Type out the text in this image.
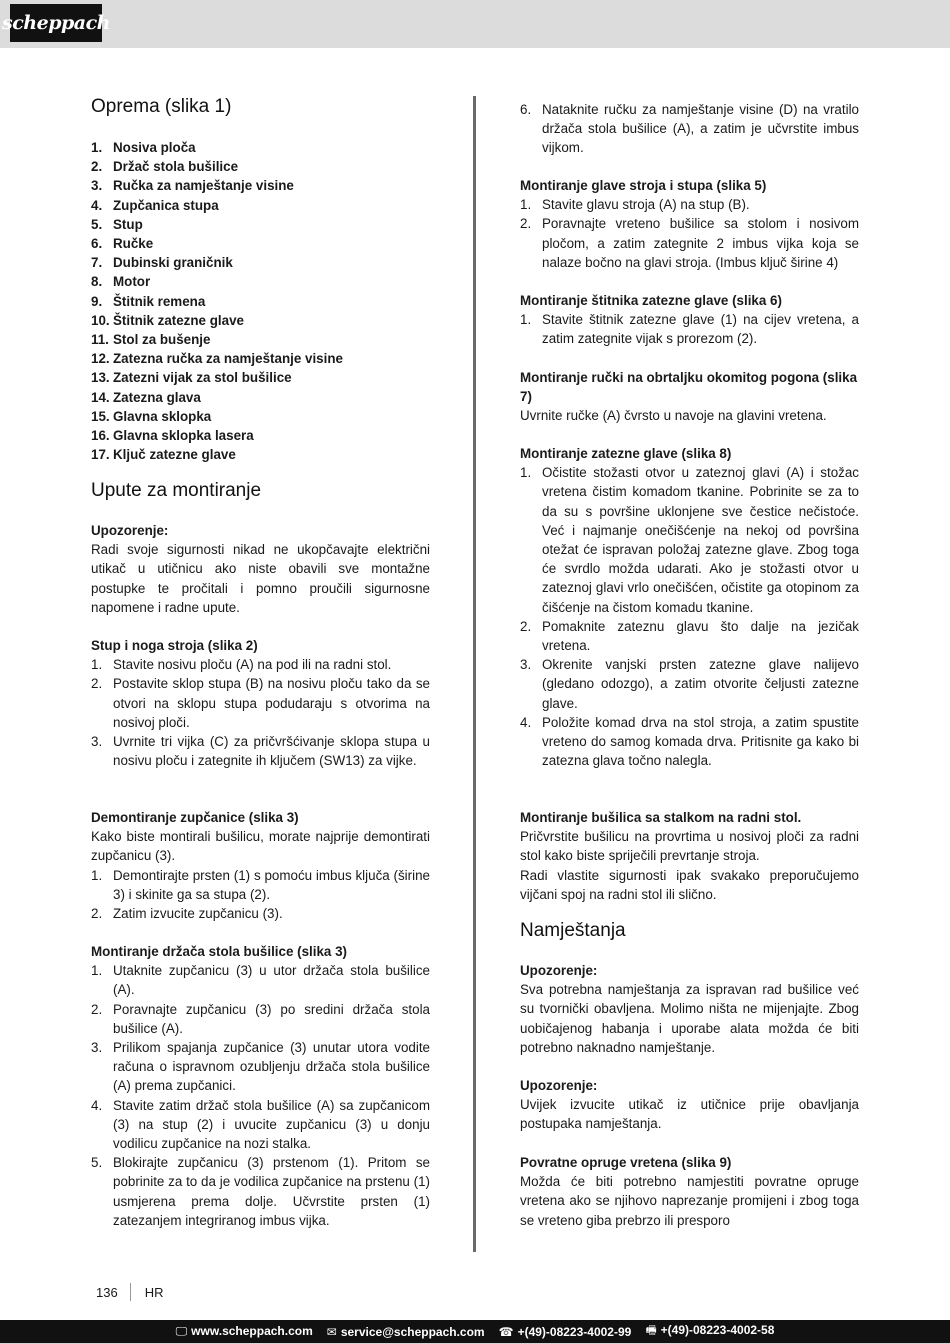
scheppach
Oprema (slika 1)
1. Nosiva ploča
2. Držač stola bušilice
3. Ručka za namještanje visine
4. Zupčanica stupa
5. Stup
6. Ručke
7. Dubinski graničnik
8. Motor
9. Štitnik remena
10. Štitnik zatezne glave
11. Stol za bušenje
12. Zatezna ručka za namještanje visine
13. Zatezni vijak za stol bušilice
14. Zatezna glava
15. Glavna sklopka
16. Glavna sklopka lasera
17. Ključ zatezne glave
Upute za montiranje
Upozorenje:
Radi svoje sigurnosti nikad ne ukopčavajte električni utikač u utičnicu ako niste obavili sve montažne postupke te pročitali i pomno proučili sigurnosne napomene i radne upute.
Stup i noga stroja (slika 2)
1. Stavite nosivu ploču (A) na pod ili na radni stol.
2. Postavite sklop stupa (B) na nosivu ploču tako da se otvori na sklopu stupa podudaraju s otvorima na nosivoj ploči.
3. Uvrnite tri vijka (C) za pričvršćivanje sklopa stupa u nosivu ploču i zategnite ih ključem (SW13) za vijke.
Demontiranje zupčanice (slika 3)
Kako biste montirali bušilicu, morate najprije demontirati zupčanicu (3).
1. Demontirajte prsten (1) s pomoću imbus ključa (širine 3) i skinite ga sa stupa (2).
2. Zatim izvucite zupčanicu (3).
Montiranje držača stola bušilice (slika 3)
1. Utaknite zupčanicu (3) u utor držača stola bušilice (A).
2. Poravnajte zupčanicu (3) po sredini držača stola bušilice (A).
3. Prilikom spajanja zupčanice (3) unutar utora vodite računa o ispravnom ozubljenju držača stola bušilice (A) prema zupčanici.
4. Stavite zatim držač stola bušilice (A) sa zupčanicom (3) na stup (2) i uvucite zupčanicu (3) u donju vodilicu zupčanice na nozi stalka.
5. Blokirajte zupčanicu (3) prstenom (1). Pritom se pobrinite za to da je vodilica zupčanice na prstenu (1) usmjerena prema dolje. Učvrstite prsten (1) zatezanjem integriranog imbus vijka.
6. Nataknite ručku za namještanje visine (D) na vratilo držača stola bušilice (A), a zatim je učvrstite imbus vijkom.
Montiranje glave stroja i stupa (slika 5)
1. Stavite glavu stroja (A) na stup (B).
2. Poravnajte vreteno bušilice sa stolom i nosivom pločom, a zatim zategnite 2 imbus vijka koja se nalaze bočno na glavi stroja. (Imbus ključ širine 4)
Montiranje štitnika zatezne glave (slika 6)
1. Stavite štitnik zatezne glave (1) na cijev vretena, a zatim zategnite vijak s prorezom (2).
Montiranje ručki na obrtaljku okomitog pogona (slika 7)
Uvrnite ručke (A) čvrsto u navoje na glavini vretena.
Montiranje zatezne glave (slika 8)
1. Očistite stožasti otvor u zateznoj glavi (A) i stožac vretena čistim komadom tkanine. Pobrinite se za to da su s površine uklonjene sve čestice nečistoće. Već i najmanje onečišćenje na nekoj od površina otežat će ispravan položaj zatezne glave. Zbog toga će svrdlo možda udarati. Ako je stožasti otvor u zateznoj glavi vrlo onečišćen, očistite ga otopinom za čišćenje na čistom komadu tkanine.
2. Pomaknite zateznu glavu što dalje na jezičak vretena.
3. Okrenite vanjski prsten zatezne glave nalijevo (gledano odozgo), a zatim otvorite čeljusti zatezne glave.
4. Položite komad drva na stol stroja, a zatim spustite vreteno do samog komada drva. Pritisnite ga kako bi zatezna glava točno nalegla.
Montiranje bušilica sa stalkom na radni stol.
Pričvrstite bušilicu na provrtima u nosivoj ploči za radni stol kako biste spriječili prevrtanje stroja.
Radi vlastite sigurnosti ipak svakako preporučujemo vijčani spoj na radni stol ili slično.
Namještanja
Upozorenje:
Sva potrebna namještanja za ispravan rad bušilice već su tvornički obavljena. Molimo ništa ne mijenjajte. Zbog uobičajenog habanja i uporabe alata možda će biti potrebno naknadno namještanje.
Upozorenje:
Uvijek izvucite utikač iz utičnice prije obavljanja postupaka namještanja.
Povratne opruge vretena (slika 9)
Možda će biti potrebno namjestiti povratne opruge vretena ako se njihovo naprezanje promijeni i zbog toga se vreteno giba prebrzo ili presporo
136 HR
🖵 www.scheppach.com ✉ service@scheppach.com ☎ +(49)-08223-4002-99 🖷 +(49)-08223-4002-58
